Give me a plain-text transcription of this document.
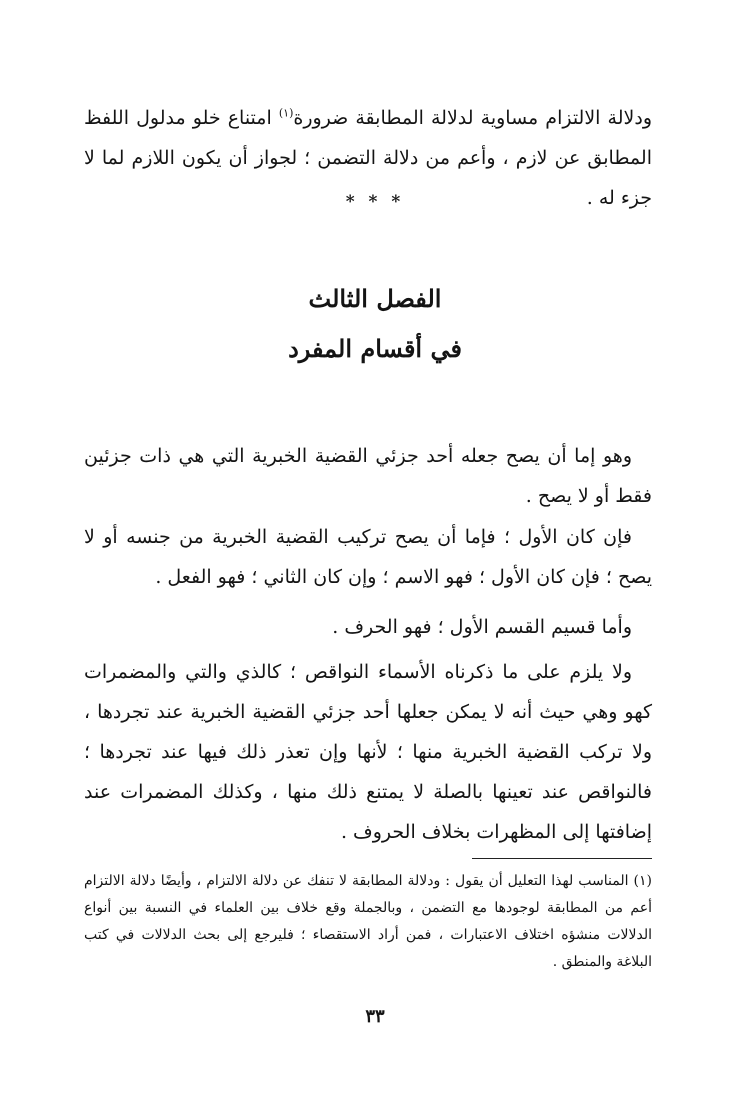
ودلالة الالتزام مساوية لدلالة المطابقة ضرورة$^{(١)}$ امتناع خلو مدلول اللفظ المطابق عن لازم ، وأعم من دلالة التضمن ؛ لجواز أن يكون اللازم لما لا جزء له .

* * *
الفصل الثالث
في أقسام المفرد

وهو إما أن يصح جعله أحد جزئي القضية الخبرية التي هي ذات جزئين فقط أو لا يصح .

فإن كان الأول ؛ فإما أن يصح تركيب القضية الخبرية من جنسه أو لا يصح ؛ فإن كان الأول ؛ فهو الاسم ؛ وإن كان الثاني ؛ فهو الفعل .

وأما قسيم القسم الأول ؛ فهو الحرف .

ولا يلزم على ما ذكرناه الأسماء النواقص ؛ كالذي والتي والمضمرات كهو وهي حيث أنه لا يمكن جعلها أحد جزئي القضية الخبرية عند تجردها ، ولا تركب القضية الخبرية منها ؛ لأنها وإن تعذر ذلك فيها عند تجردها ؛ فالنواقص عند تعينها بالصلة لا يمتنع ذلك منها ، وكذلك المضمرات عند إضافتها إلى المظهرات بخلاف الحروف .

(١) المناسب لهذا التعليل أن يقول : ودلالة المطابقة لا تنفك عن دلالة الالتزام ، وأيضًا دلالة الالتزام أعم من المطابقة لوجودها مع التضمن ، وبالجملة وقع خلاف بين العلماء في النسبة بين أنواع الدلالات منشؤه اختلاف الاعتبارات ، فمن أراد الاستقصاء ؛ فليرجع إلى بحث الدلالات في كتب البلاغة والمنطق .

٣٣
